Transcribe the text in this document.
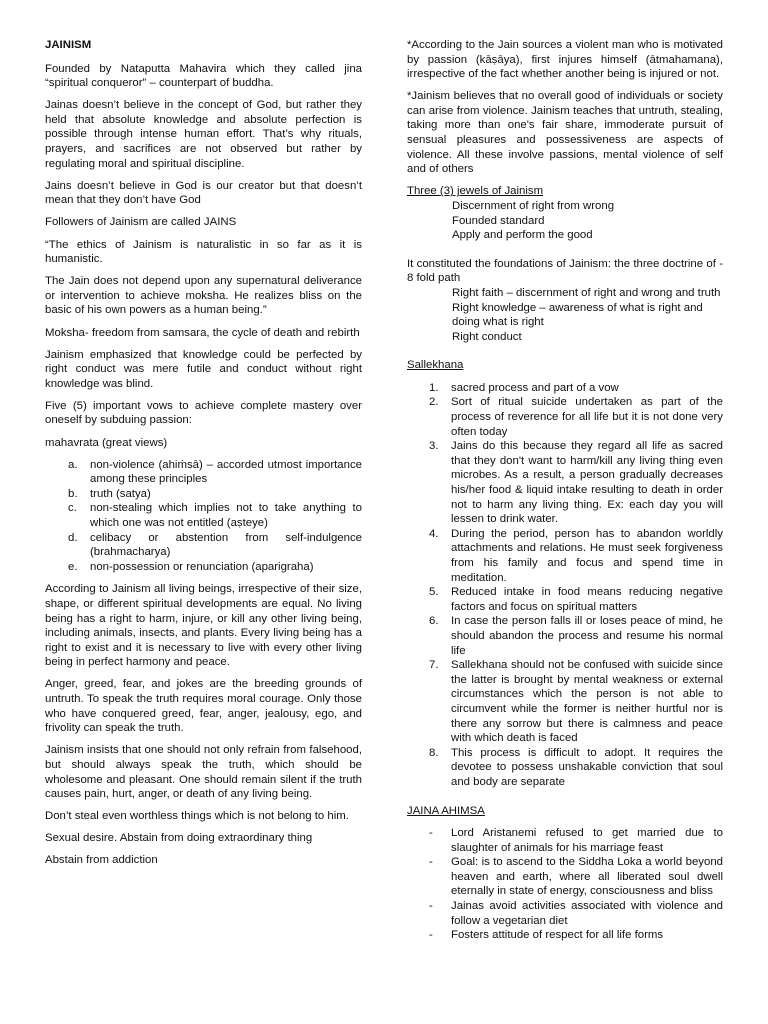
JAINISM

Founded by Nataputta Mahavira which they called jina “spiritual conqueror” – counterpart of buddha.

Jainas doesn’t believe in the concept of God, but rather they held that absolute knowledge and absolute perfection is possible through intense human effort. That’s why rituals, prayers, and sacrifices are not observed but rather by regulating moral and spiritual discipline.

Jains doesn’t believe in God is our creator but that doesn’t mean that they don’t have God

Followers of Jainism are called JAINS

“The ethics of Jainism is naturalistic in so far as it is humanistic.

The Jain does not depend upon any supernatural deliverance or intervention to achieve moksha. He realizes bliss on the basic of his own powers as a human being.”

Moksha- freedom from samsara, the cycle of death and rebirth

Jainism emphasized that knowledge could be perfected by right conduct was mere futile and conduct without right knowledge was blind.

Five (5) important vows to achieve complete mastery over oneself by subduing passion:

mahavrata (great views)

a. non-violence (ahiṁsā) – accorded utmost importance among these principles
b. truth (satya)
c. non-stealing which implies not to take anything to which one was not entitled (aṣteye)
d. celibacy or abstention from self-indulgence (brahmacharya)
e. non-possession or renunciation (aparigraha)

According to Jainism all living beings, irrespective of their size, shape, or different spiritual developments are equal. No living being has a right to harm, injure, or kill any other living being, including animals, insects, and plants. Every living being has a right to exist and it is necessary to live with every other living being in perfect harmony and peace.

Anger, greed, fear, and jokes are the breeding grounds of untruth. To speak the truth requires moral courage. Only those who have conquered greed, fear, anger, jealousy, ego, and frivolity can speak the truth.

Jainism insists that one should not only refrain from falsehood, but should always speak the truth, which should be wholesome and pleasant. One should remain silent if the truth causes pain, hurt, anger, or death of any living being.

Don’t steal even worthless things which is not belong to him.

Sexual desire. Abstain from doing extraordinary thing

Abstain from addiction

*According to the Jain sources a violent man who is motivated by passion (kāṣāya), first injures himself (ātmahamana), irrespective of the fact whether another being is injured or not.

*Jainism believes that no overall good of individuals or society can arise from violence. Jainism teaches that untruth, stealing, taking more than one's fair share, immoderate pursuit of sensual pleasures and possessiveness are aspects of violence. All these involve passions, mental violence of self and of others

Three (3) jewels of Jainism
Discernment of right from wrong
Founded standard
Apply and perform the good

It constituted the foundations of Jainism: the three doctrine of - 8 fold path

Right faith – discernment of right and wrong and truth
Right knowledge – awareness of what is right and doing what is right
Right conduct
Sallekhana
1. sacred process and part of a vow
2. Sort of ritual suicide undertaken as part of the process of reverence for all life but it is not done very often today
3. Jains do this because they regard all life as sacred that they don't want to harm/kill any living thing even microbes. As a result, a person gradually decreases his/her food & liquid intake resulting to death in order not to harm any living thing. Ex: each day you will lessen to drink water.
4. During the period, person has to abandon worldly attachments and relations. He must seek forgiveness from his family and focus and spend time in meditation.
5. Reduced intake in food means reducing negative factors and focus on spiritual matters
6. In case the person falls ill or loses peace of mind, he should abandon the process and resume his normal life
7. Sallekhana should not be confused with suicide since the latter is brought by mental weakness or external circumstances which the person is not able to circumvent while the former is neither hurtful nor is there any sorrow but there is calmness and peace with which death is faced
8. This process is difficult to adopt. It requires the devotee to possess unshakable conviction that soul and body are separate
JAINA AHIMSA
- Lord Aristanemi refused to get married due to slaughter of animals for his marriage feast
- Goal: is to ascend to the Siddha Loka a world beyond heaven and earth, where all liberated soul dwell eternally in state of energy, consciousness and bliss
- Jainas avoid activities associated with violence and follow a vegetarian diet
- Fosters attitude of respect for all life forms
